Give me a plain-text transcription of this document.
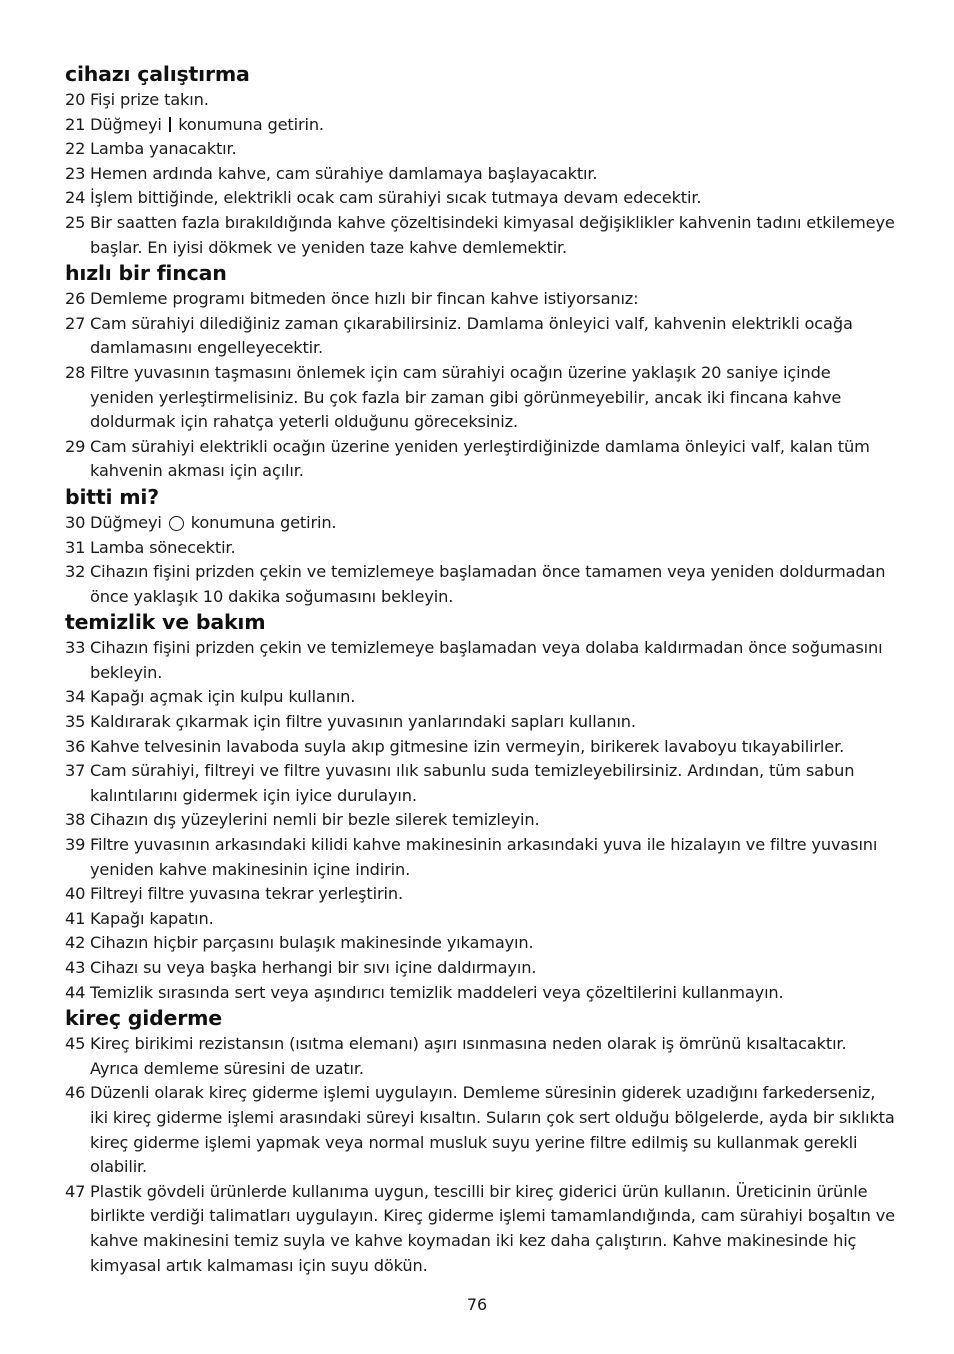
cihazı çalıştırma
20 Fişi prize takın.
21 Düğmeyi konumuna getirin.
22 Lamba yanacaktır.
23 Hemen ardında kahve, cam sürahiye damlamaya başlayacaktır.
24 İşlem bittiğinde, elektrikli ocak cam sürahiyi sıcak tutmaya devam edecektir.
25 Bir saatten fazla bırakıldığında kahve çözeltisindeki kimyasal değişiklikler kahvenin tadını etkilemeye başlar. En iyisi dökmek ve yeniden taze kahve demlemektir.
hızlı bir fincan
26 Demleme programı bitmeden önce hızlı bir fincan kahve istiyorsanız:
27 Cam sürahiyi dilediğiniz zaman çıkarabilirsiniz. Damlama önleyici valf, kahvenin elektrikli ocağa damlamasını engelleyecektir.
28 Filtre yuvasının taşmasını önlemek için cam sürahiyi ocağın üzerine yaklaşık 20 saniye içinde yeniden yerleştirmelisiniz. Bu çok fazla bir zaman gibi görünmeyebilir, ancak iki fincana kahve doldurmak için rahatça yeterli olduğunu göreceksiniz.
29 Cam sürahiyi elektrikli ocağın üzerine yeniden yerleştirdiğinizde damlama önleyici valf, kalan tüm kahvenin akması için açılır.
bitti mi?
30 Düğmeyi konumuna getirin.
31 Lamba sönecektir.
32 Cihazın fişini prizden çekin ve temizlemeye başlamadan önce tamamen veya yeniden doldurmadan önce yaklaşık 10 dakika soğumasını bekleyin.
temizlik ve bakım
33 Cihazın fişini prizden çekin ve temizlemeye başlamadan veya dolaba kaldırmadan önce soğumasını bekleyin.
34 Kapağı açmak için kulpu kullanın.
35 Kaldırarak çıkarmak için filtre yuvasının yanlarındaki sapları kullanın.
36 Kahve telvesinin lavaboda suyla akıp gitmesine izin vermeyin, birikerek lavaboyu tıkayabilirler.
37 Cam sürahiyi, filtreyi ve filtre yuvasını ılık sabunlu suda temizleyebilirsiniz. Ardından, tüm sabun kalıntılarını gidermek için iyice durulayın.
38 Cihazın dış yüzeylerini nemli bir bezle silerek temizleyin.
39 Filtre yuvasının arkasındaki kilidi kahve makinesinin arkasındaki yuva ile hizalayın ve filtre yuvasını yeniden kahve makinesinin içine indirin.
40 Filtreyi filtre yuvasına tekrar yerleştirin.
41 Kapağı kapatın.
42 Cihazın hiçbir parçasını bulaşık makinesinde yıkamayın.
43 Cihazı su veya başka herhangi bir sıvı içine daldırmayın.
44 Temizlik sırasında sert veya aşındırıcı temizlik maddeleri veya çözeltilerini kullanmayın.
kireç giderme
45 Kireç birikimi rezistansın (ısıtma elemanı) aşırı ısınmasına neden olarak iş ömrünü kısaltacaktır. Ayrıca demleme süresini de uzatır.
46 Düzenli olarak kireç giderme işlemi uygulayın. Demleme süresinin giderek uzadığını farkederseniz, iki kireç giderme işlemi arasındaki süreyi kısaltın. Suların çok sert olduğu bölgelerde, ayda bir sıklıkta kireç giderme işlemi yapmak veya normal musluk suyu yerine filtre edilmiş su kullanmak gerekli olabilir.
47 Plastik gövdeli ürünlerde kullanıma uygun, tescilli bir kireç giderici ürün kullanın. Üreticinin ürünle birlikte verdiği talimatları uygulayın. Kireç giderme işlemi tamamlandığında, cam sürahiyi boşaltın ve kahve makinesini temiz suyla ve kahve koymadan iki kez daha çalıştırın. Kahve makinesinde hiç kimyasal artık kalmaması için suyu dökün.
76
